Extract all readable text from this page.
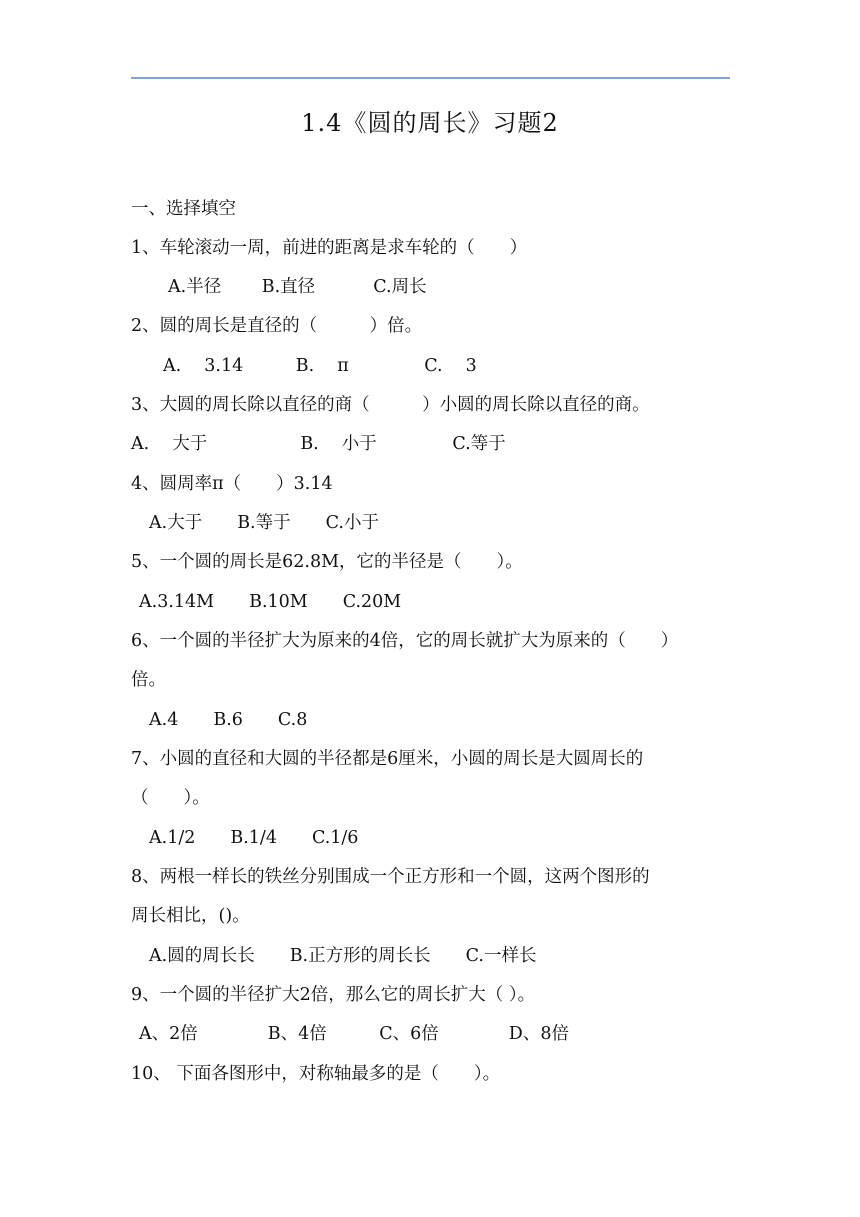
1.4《圆的周长》习题2
一、选择填空
1、车轮滚动一周，前进的距离是求车轮的（　　）
A.半径　　 B.直径　　　 C.周长
2、圆的周长是直径的（　　　）倍。
A.　 3.14　　　B.　 π　　　　 C.　 3
3、大圆的周长除以直径的商（　　　）小圆的周长除以直径的商。
A.　 大于　　　　　 B.　 小于　　　　 C.等于
4、圆周率π（　　）3.14
A.大于　　B.等于　　C.小于
5、一个圆的周长是62.8M，它的半径是（　　）。
A.3.14M　　B.10M　　C.20M
6、一个圆的半径扩大为原来的4倍，它的周长就扩大为原来的（　　）
倍。
A.4　　B.6　　C.8
7、小圆的直径和大圆的半径都是6厘米，小圆的周长是大圆周长的
（　　）。
A.1/2　　B.1/4　　C.1/6
8、两根一样长的铁丝分别围成一个正方形和一个圆，这两个图形的
周长相比，()。
A.圆的周长长　　B.正方形的周长长　　C.一样长
9、一个圆的半径扩大2倍，那么它的周长扩大（ ）。
A、2倍　　　　B、4倍　　　C、6倍　　　　D、8倍
10、 下面各图形中，对称轴最多的是（　　）。
